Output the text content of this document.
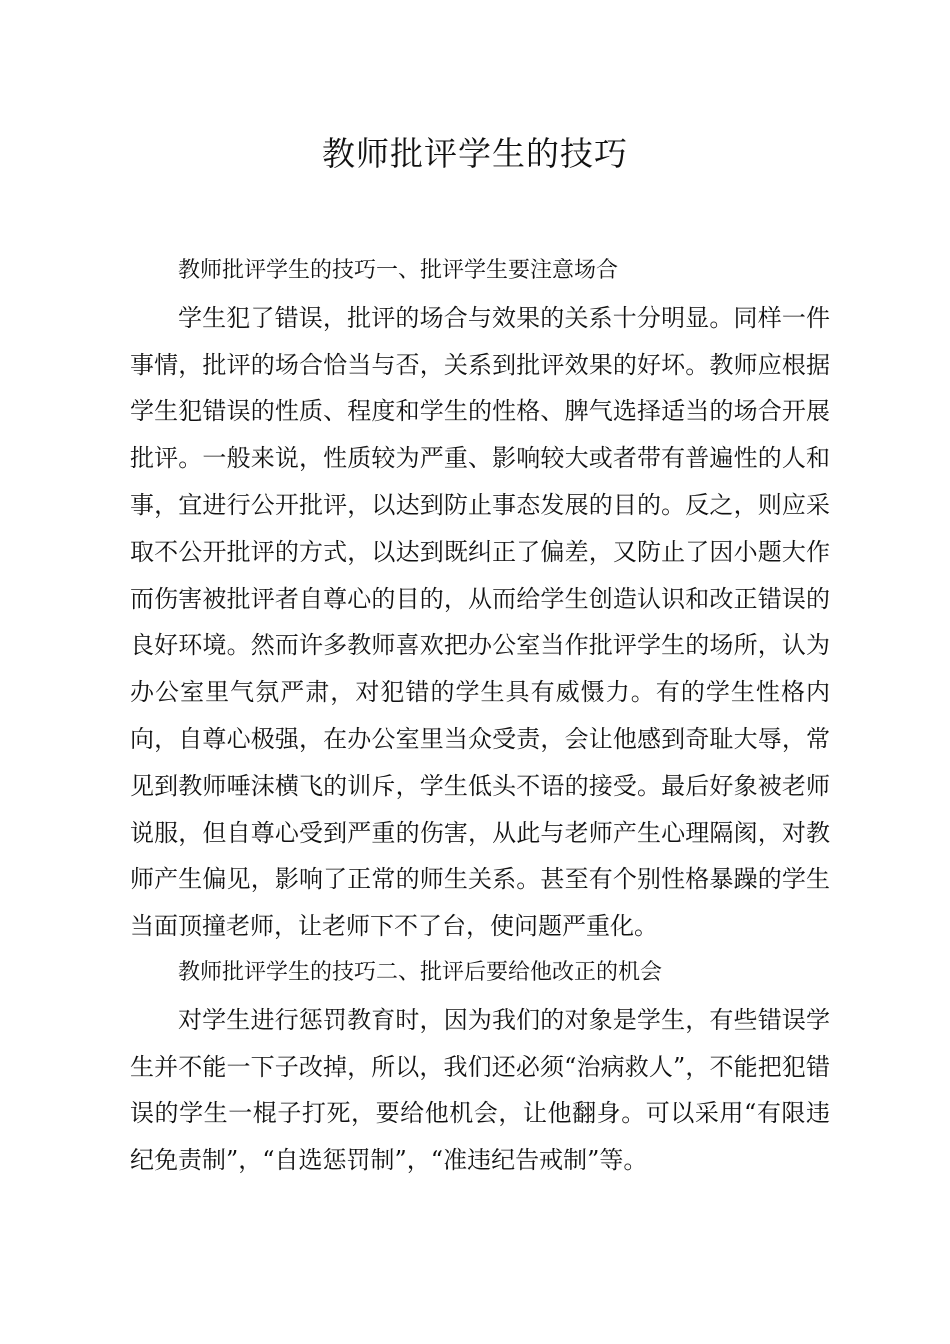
教师批评学生的技巧

教师批评学生的技巧一、批评学生要注意场合

学生犯了错误，批评的场合与效果的关系十分明显。同样一件事情，批评的场合恰当与否，关系到批评效果的好坏。教师应根据学生犯错误的性质、程度和学生的性格、脾气选择适当的场合开展批评。一般来说，性质较为严重、影响较大或者带有普遍性的人和事，宜进行公开批评，以达到防止事态发展的目的。反之，则应采取不公开批评的方式，以达到既纠正了偏差，又防止了因小题大作而伤害被批评者自尊心的目的，从而给学生创造认识和改正错误的良好环境。然而许多教师喜欢把办公室当作批评学生的场所，认为办公室里气氛严肃，对犯错的学生具有威慑力。有的学生性格内向，自尊心极强，在办公室里当众受责，会让他感到奇耻大辱，常见到教师唾沫横飞的训斥，学生低头不语的接受。最后好象被老师说服，但自尊心受到严重的伤害，从此与老师产生心理隔阂，对教师产生偏见，影响了正常的师生关系。甚至有个别性格暴躁的学生当面顶撞老师，让老师下不了台，使问题严重化。

教师批评学生的技巧二、批评后要给他改正的机会

对学生进行惩罚教育时，因为我们的对象是学生，有些错误学生并不能一下子改掉，所以，我们还必须“治病救人”，不能把犯错误的学生一棍子打死，要给他机会，让他翻身。可以采用“有限违纪免责制”，“自选惩罚制”，“准违纪告戒制”等。
